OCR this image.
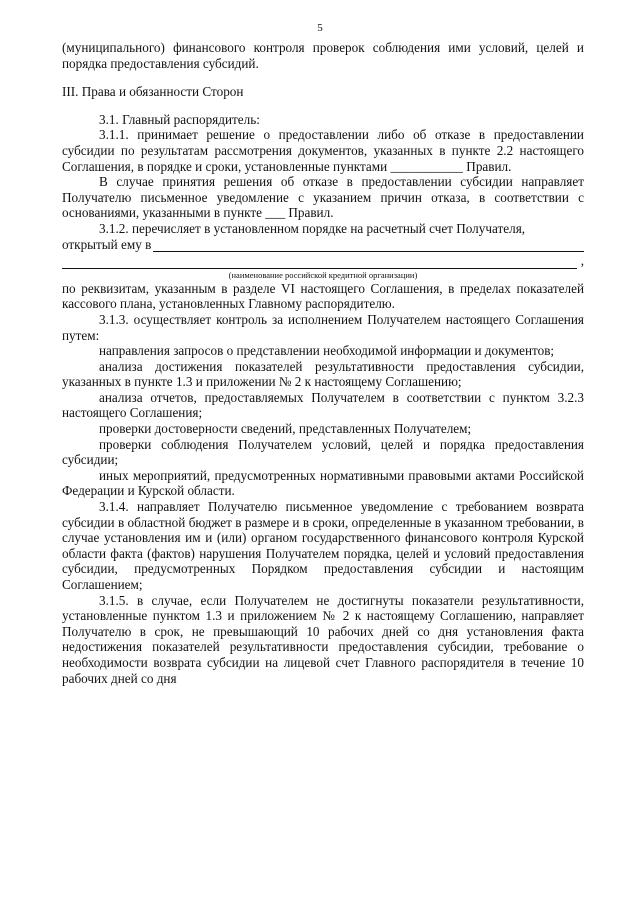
5

(муниципального) финансового контроля проверок соблюдения ими условий, целей и порядка предоставления субсидий.

III. Права и обязанности Сторон

3.1. Главный распорядитель:

3.1.1. принимает решение о предоставлении либо об отказе в предоставлении субсидии по результатам рассмотрения документов, указанных в пункте 2.2 настоящего Соглашения, в порядке и сроки, установленные пунктами ___________ Правил.

В случае принятия решения об отказе в предоставлении субсидии направляет Получателю письменное уведомление с указанием причин отказа, в соответствии с основаниями, указанными в пункте ___ Правил.

3.1.2. перечисляет в установленном порядке на расчетный счет Получателя,

открытый ему в
,
(наименование российской кредитной организации)

по реквизитам, указанным в разделе VI настоящего Соглашения, в пределах показателей кассового плана, установленных Главному распорядителю.

3.1.3. осуществляет контроль за исполнением Получателем настоящего Соглашения путем:

направления запросов о представлении необходимой информации и документов;

анализа достижения показателей результативности предоставления субсидии, указанных в пункте 1.3 и приложении № 2 к настоящему Соглашению;

анализа отчетов, предоставляемых Получателем в соответствии с пунктом 3.2.3 настоящего Соглашения;

проверки достоверности сведений, представленных Получателем;

проверки соблюдения Получателем условий, целей и порядка предоставления субсидии;

иных мероприятий, предусмотренных нормативными правовыми актами Российской Федерации и Курской области.

3.1.4. направляет Получателю письменное уведомление с требованием возврата субсидии в областной бюджет в размере и в сроки, определенные в указанном требовании, в случае установления им и (или) органом государственного финансового контроля Курской области факта (фактов) нарушения Получателем порядка, целей и условий предоставления субсидии, предусмотренных Порядком предоставления субсидии и настоящим Соглашением;

3.1.5. в случае, если Получателем не достигнуты показатели результативности, установленные пунктом 1.3 и приложением № 2 к настоящему Соглашению, направляет Получателю в срок, не превышающий 10 рабочих дней со дня установления факта недостижения показателей результативности предоставления субсидии, требование о необходимости возврата субсидии на лицевой счет Главного распорядителя в течение 10 рабочих дней со дня
